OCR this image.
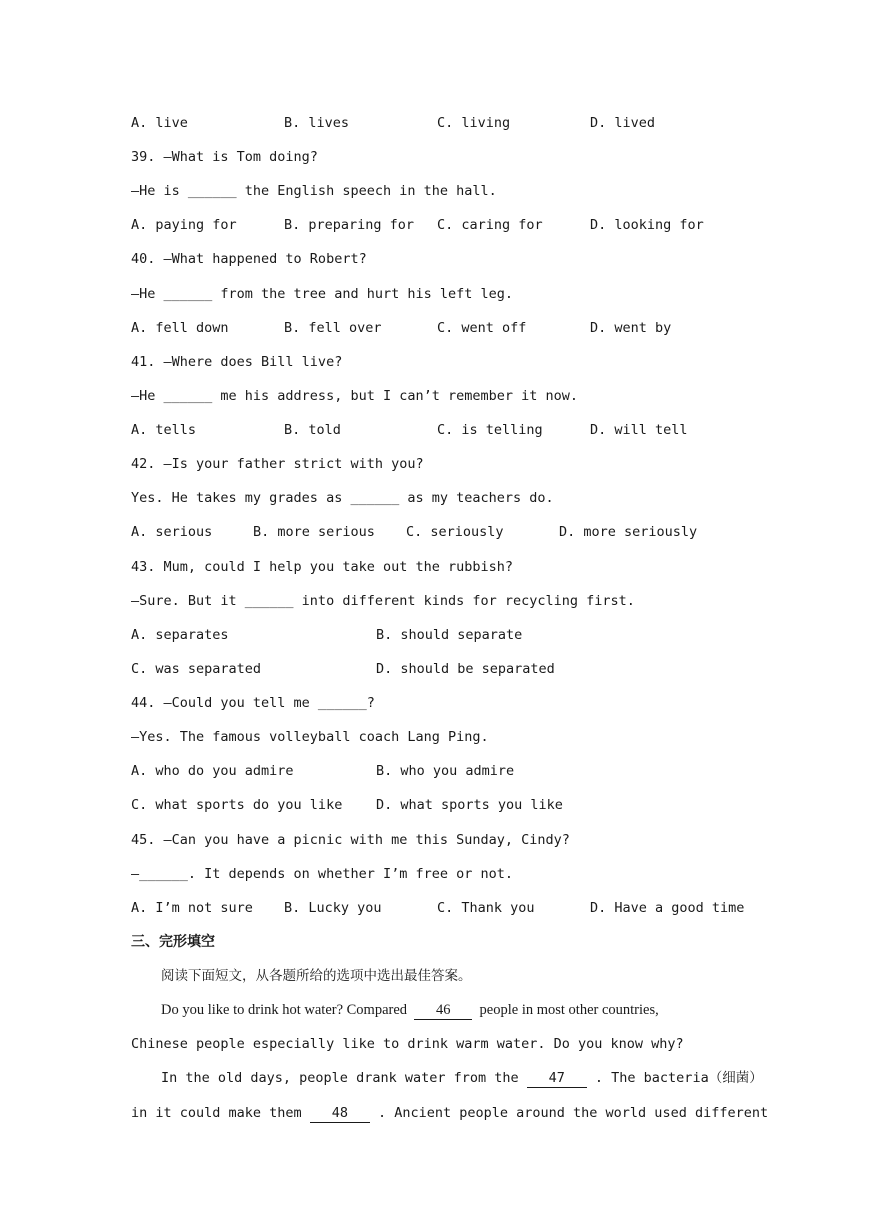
A. live	B. lives	C. living	D. lived
39. —What is Tom doing?
—He is ______ the English speech in the hall.
A. paying for	B. preparing for C. caring for	D. looking for
40. —What happened to Robert?
—He ______ from the tree and hurt his left leg.
A. fell down	B. fell over	C. went off	D. went by
41. —Where does Bill live?
—He ______ me his address, but I can’t remember it now.
A. tells	B. told	C. is telling	D. will tell
42. —Is your father strict with you?
Yes. He takes my grades as ______ as my teachers do.
A. serious	B. more serious C. seriously	D. more seriously
43. Mum, could I help you take out the rubbish?
—Sure. But it ______ into different kinds for recycling first.
A. separates	B. should separate
C. was separated	D. should be separated
44. —Could you tell me ______?
—Yes. The famous volleyball coach Lang Ping.
A. who do you admire	B. who you admire
C. what sports do you like D. what sports you like
45. —Can you have a picnic with me this Sunday, Cindy?
—______. It depends on whether I’m free or not.
A. I’m not sure B. Lucky you	C. Thank you	D. Have a good time
三、完形填空
阅读下面短文，从各题所给的选项中选出最佳答案。
Do you like to drink hot water? Compared 46 people in most other countries,
Chinese people especially like to drink warm water. Do you know why?
In the old days, people drank water from the 47 . The bacteria（细菌）
in it could make them 48 . Ancient people around the world used different
